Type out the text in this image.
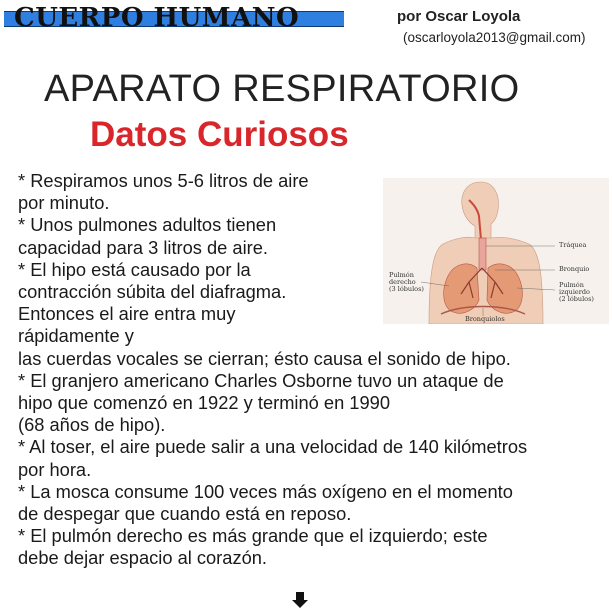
CUERPO HUMANO	por Oscar Loyola
(oscarloyola2013@gmail.com)
APARATO RESPIRATORIO
Datos Curiosos
* Respiramos unos 5-6 litros de aire
por minuto.
* Unos pulmones adultos tienen
capacidad para 3 litros de aire.
* El hipo está causado por la
contracción súbita del diafragma.
Entonces el aire entra muy
rápidamente y
las cuerdas vocales se cierran; ésto causa el sonido de hipo.
* El granjero americano Charles Osborne tuvo un ataque de
hipo que comenzó en 1922 y terminó en 1990
(68 años de hipo).
* Al toser, el aire puede salir a una velocidad de 140 kilómetros
por hora.
* La mosca consume 100 veces más oxígeno en el momento
de despegar que cuando está en reposo.
* El pulmón derecho es más grande que el izquierdo; este
debe dejar espacio al corazón.
Tráquea
Bronquio
Pulmón
derecho
(3 lóbulos)	Pulmón
izquierdo
(2 lóbulos)
Bronquiolos
